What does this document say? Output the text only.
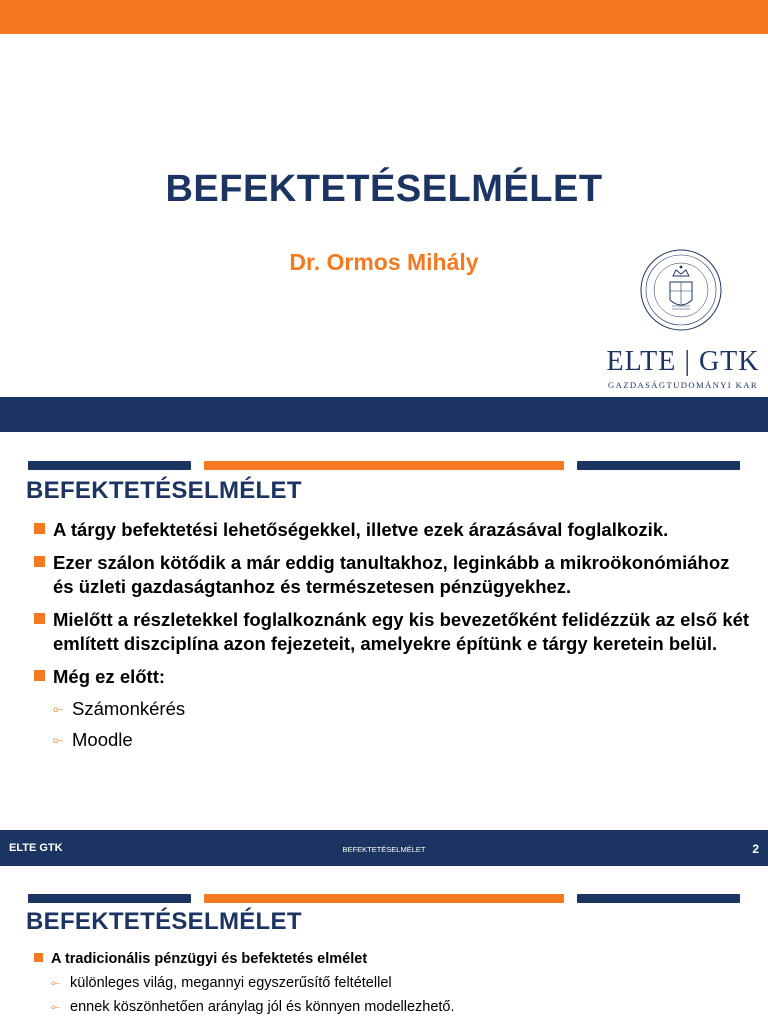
BEFEKTETÉSELMÉLET
Dr. Ormos Mihály
ELTE | GTK
GAZDASÁGTUDOMÁNYI KAR
BEFEKTETÉSELMÉLET
A tárgy befektetési lehetőségekkel, illetve ezek árazásával foglalkozik.
Ezer szálon kötődik a már eddig tanultakhoz, leginkább a mikroökonómiához és üzleti gazdaságtanhoz és természetesen pénzügyekhez.
Mielőtt a részletekkel foglalkoznánk egy kis bevezetőként felidézzük az első két említett diszciplína azon fejezeteit, amelyekre építünk e tárgy keretein belül.
Még ez előtt:
⟜ Számonkérés
⟜ Moodle
ELTE GTK	BEFEKTETÉSELMÉLET	2
BEFEKTETÉSELMÉLET
A tradicionális pénzügyi és befektetés elmélet
⟜ különleges világ, megannyi egyszerűsítő feltétellel
⟜ ennek köszönhetően aránylag jól és könnyen modellezhető.
